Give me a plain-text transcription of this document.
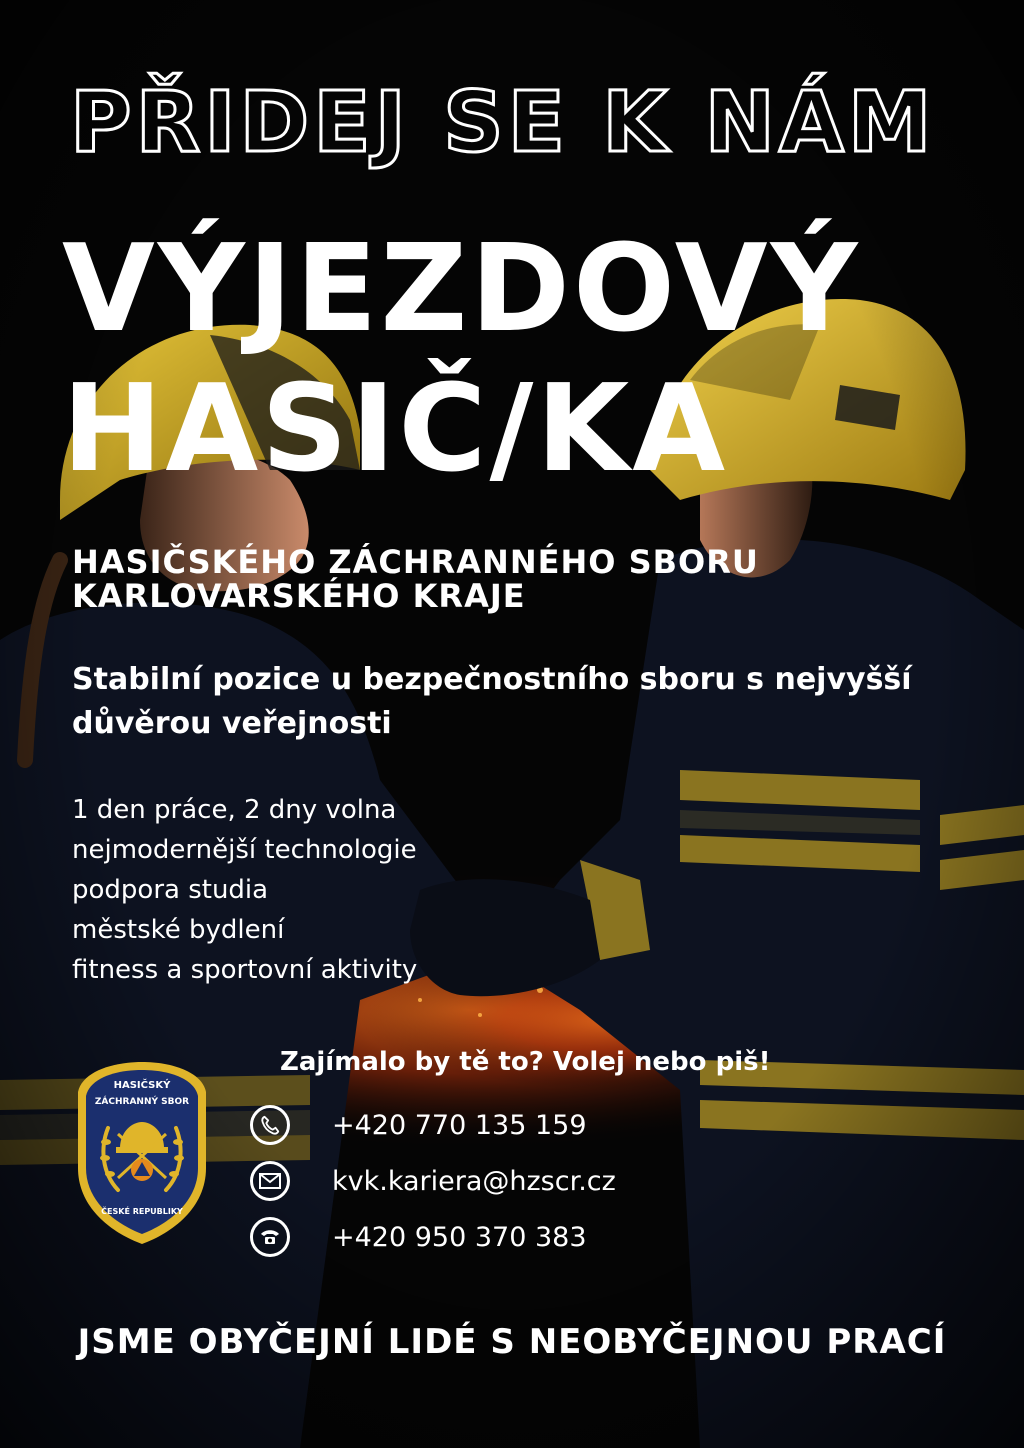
PŘIDEJ SE K NÁM
VÝJEZDOVÝ
HASIČ/KA
HASIČSKÉHO ZÁCHRANNÉHO SBORU
KARLOVARSKÉHO KRAJE
Stabilní pozice u bezpečnostního sboru s nejvyšší důvěrou veřejnosti
1 den práce, 2 dny volna
nejmodernější technologie
podpora studia
městské bydlení
fitness a sportovní aktivity
HASIČSKÝ
ZÁCHRANNÝ SBOR
ČESKÉ REPUBLIKY
Zajímalo by tě to? Volej nebo piš!
+420 770 135 159
kvk.kariera@hzscr.cz
+420 950 370 383
JSME OBYČEJNÍ LIDÉ S NEOBYČEJNOU PRACÍ
